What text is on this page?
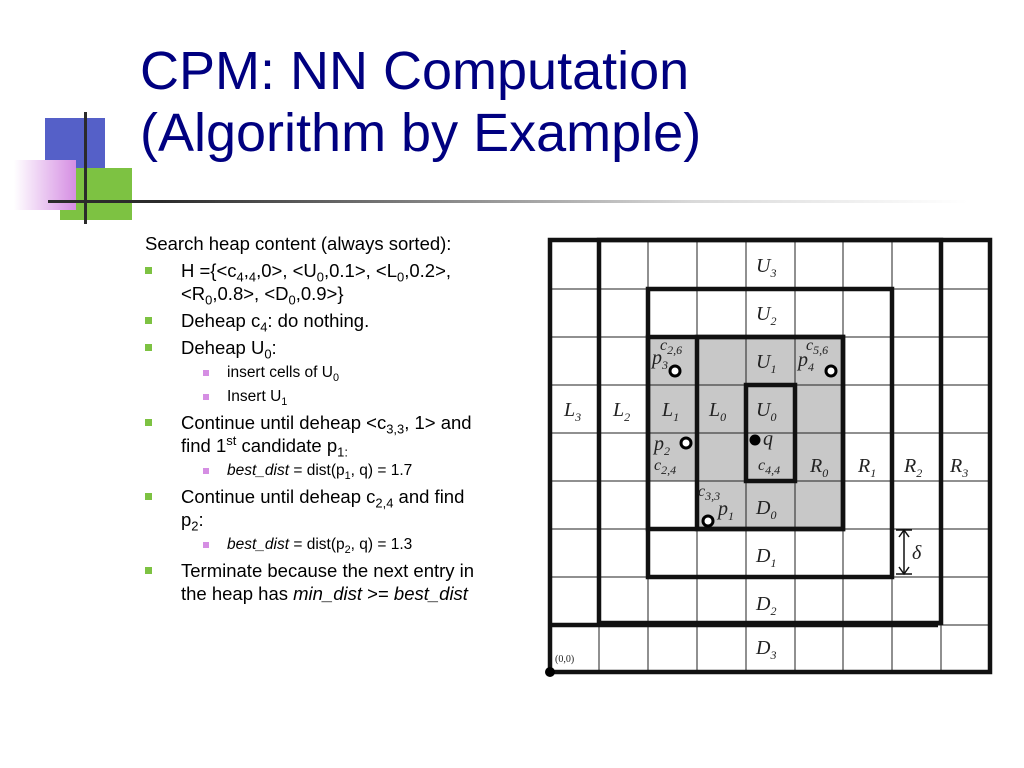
CPM: NN Computation
(Algorithm by Example)

Search heap content (always sorted):

$H =\{<c_4,_4,0>$, $<U_0,0.1>$, $<L_0,0.2>$, $<R_0,0.8>$, $<D_0,0.9>$}
Deheap $c_4$: do nothing.
Deheap $U_0$:
insert cells of $U_0$
Insert $U_1$
Continue until deheap $<c_{3,3}$, 1> and find 1st candidate $p_{1:}$
best_dist = $dist(p_1$, q) = 1.7
Continue until deheap $c_{2,4}$ and find $p_2$:
best_dist = $dist(p_2$, q) = 1.3
Terminate because the next entry in the heap has min_dist >= best_dist
$U_3$
$U_2$
$U_1$
$U_0$
$L_3$ $L_2$ $L_1$ $L_0$
$R_0$ $R_1$ $R_2$ $R_3$
$D_0$
$D_1$
$D_2$
$D_3$
$c_{2,6}$	$c_{5,6}$
$c_{2,4}$	$c_{4,4}$
$c_{3,3}$
$p_3$	$p_4$
$p_2$
$p_1$
q
δ
(0,0)
